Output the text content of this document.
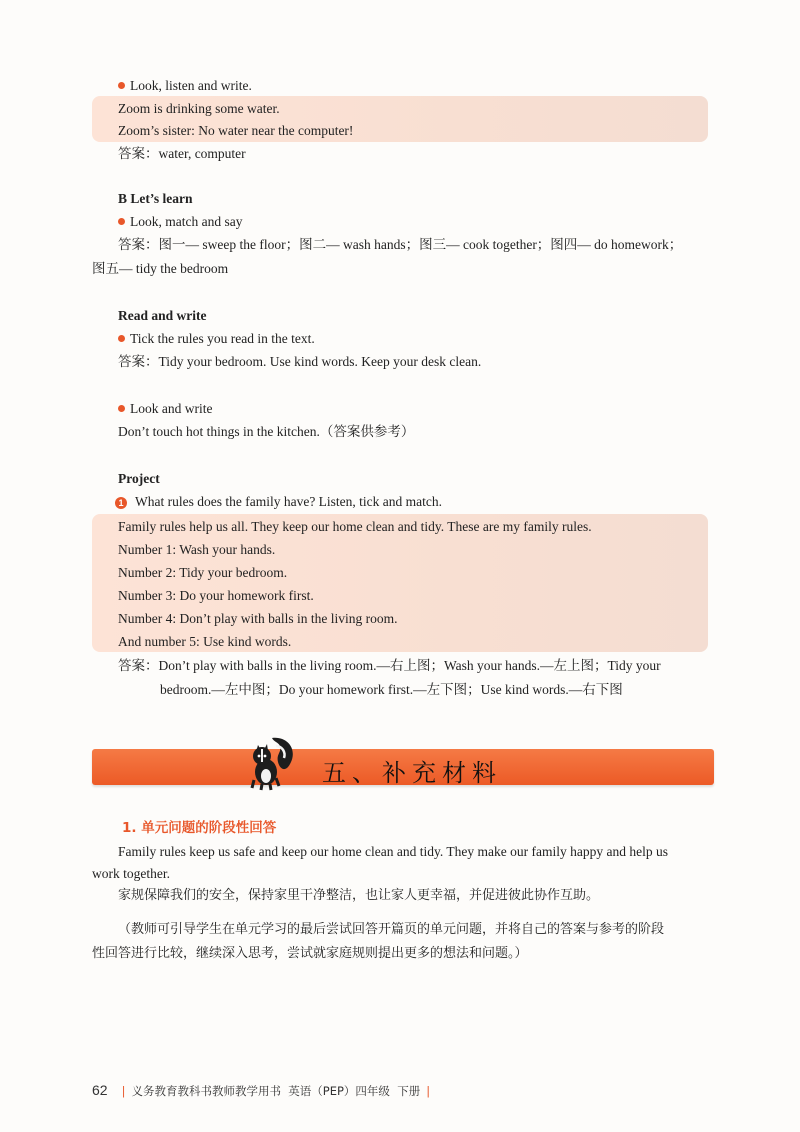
Look, listen and write.
Zoom is drinking some water.
Zoom’s sister: No water near the computer!
答案：water, computer
B Let’s learn
Look, match and say
答案：图一— sweep the floor；图二— wash hands；图三— cook together；图四— do homework；
图五— tidy the bedroom
Read and write
Tick the rules you read in the text.
答案：Tidy your bedroom. Use kind words. Keep your desk clean.
Look and write
Don’t touch hot things in the kitchen.（答案供参考）
Project
1 What rules does the family have? Listen, tick and match.
Family rules help us all. They keep our home clean and tidy. These are my family rules.
Number 1: Wash your hands.
Number 2: Tidy your bedroom.
Number 3: Do your homework first.
Number 4: Don’t play with balls in the living room.
And number 5: Use kind words.
答案：Don’t play with balls in the living room.—右上图；Wash your hands.—左上图；Tidy your
bedroom.—左中图；Do your homework first.—左下图；Use kind words.—右下图
五、补充材料
1. 单元问题的阶段性回答
Family rules keep us safe and keep our home clean and tidy. They make our family happy and help us
work together.
家规保障我们的安全，保持家里干净整洁，也让家人更幸福，并促进彼此协作互助。
（教师可引导学生在单元学习的最后尝试回答开篇页的单元问题，并将自己的答案与参考的阶段
性回答进行比较，继续深入思考，尝试就家庭规则提出更多的想法和问题。）
62 | 义务教育教科书教师教学用书 英语（PEP）四年级 下册 |
